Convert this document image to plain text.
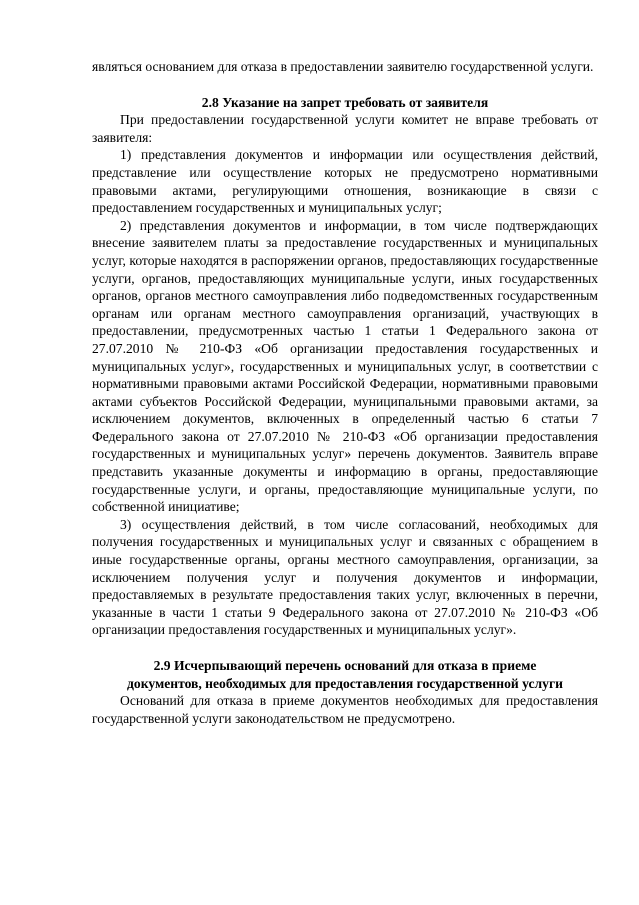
являться основанием для отказа в предоставлении заявителю государственной услуги.

2.8 Указание на запрет требовать от заявителя

При предоставлении государственной услуги комитет не вправе требовать от заявителя:

1) представления документов и информации или осуществления действий, представление или осуществление которых не предусмотрено нормативными правовыми актами, регулирующими отношения, возникающие в связи с предоставлением государственных и муниципальных услуг;

2) представления документов и информации, в том числе подтверждающих внесение заявителем платы за предоставление государственных и муниципальных услуг, которые находятся в распоряжении органов, предоставляющих государственные услуги, органов, предоставляющих муниципальные услуги, иных государственных органов, органов местного самоуправления либо подведомственных государственным органам или органам местного самоуправления организаций, участвующих в предоставлении, предусмотренных частью 1 статьи 1 Федерального закона от 27.07.2010 № 210-ФЗ «Об организации предоставления государственных и муниципальных услуг», государственных и муниципальных услуг, в соответствии с нормативными правовыми актами Российской Федерации, нормативными правовыми актами субъектов Российской Федерации, муниципальными правовыми актами, за исключением документов, включенных в определенный частью 6 статьи 7 Федерального закона от 27.07.2010 № 210-ФЗ «Об организации предоставления государственных и муниципальных услуг» перечень документов. Заявитель вправе представить указанные документы и информацию в органы, предоставляющие государственные услуги, и органы, предоставляющие муниципальные услуги, по собственной инициативе;

3) осуществления действий, в том числе согласований, необходимых для получения государственных и муниципальных услуг и связанных с обращением в иные государственные органы, органы местного самоуправления, организации, за исключением получения услуг и получения документов и информации, предоставляемых в результате предоставления таких услуг, включенных в перечни, указанные в части 1 статьи 9 Федерального закона от 27.07.2010 № 210-ФЗ «Об организации предоставления государственных и муниципальных услуг».

2.9 Исчерпывающий перечень оснований для отказа в приеме

документов, необходимых для предоставления государственной услуги

Оснований для отказа в приеме документов необходимых для предоставления государственной услуги законодательством не предусмотрено.
